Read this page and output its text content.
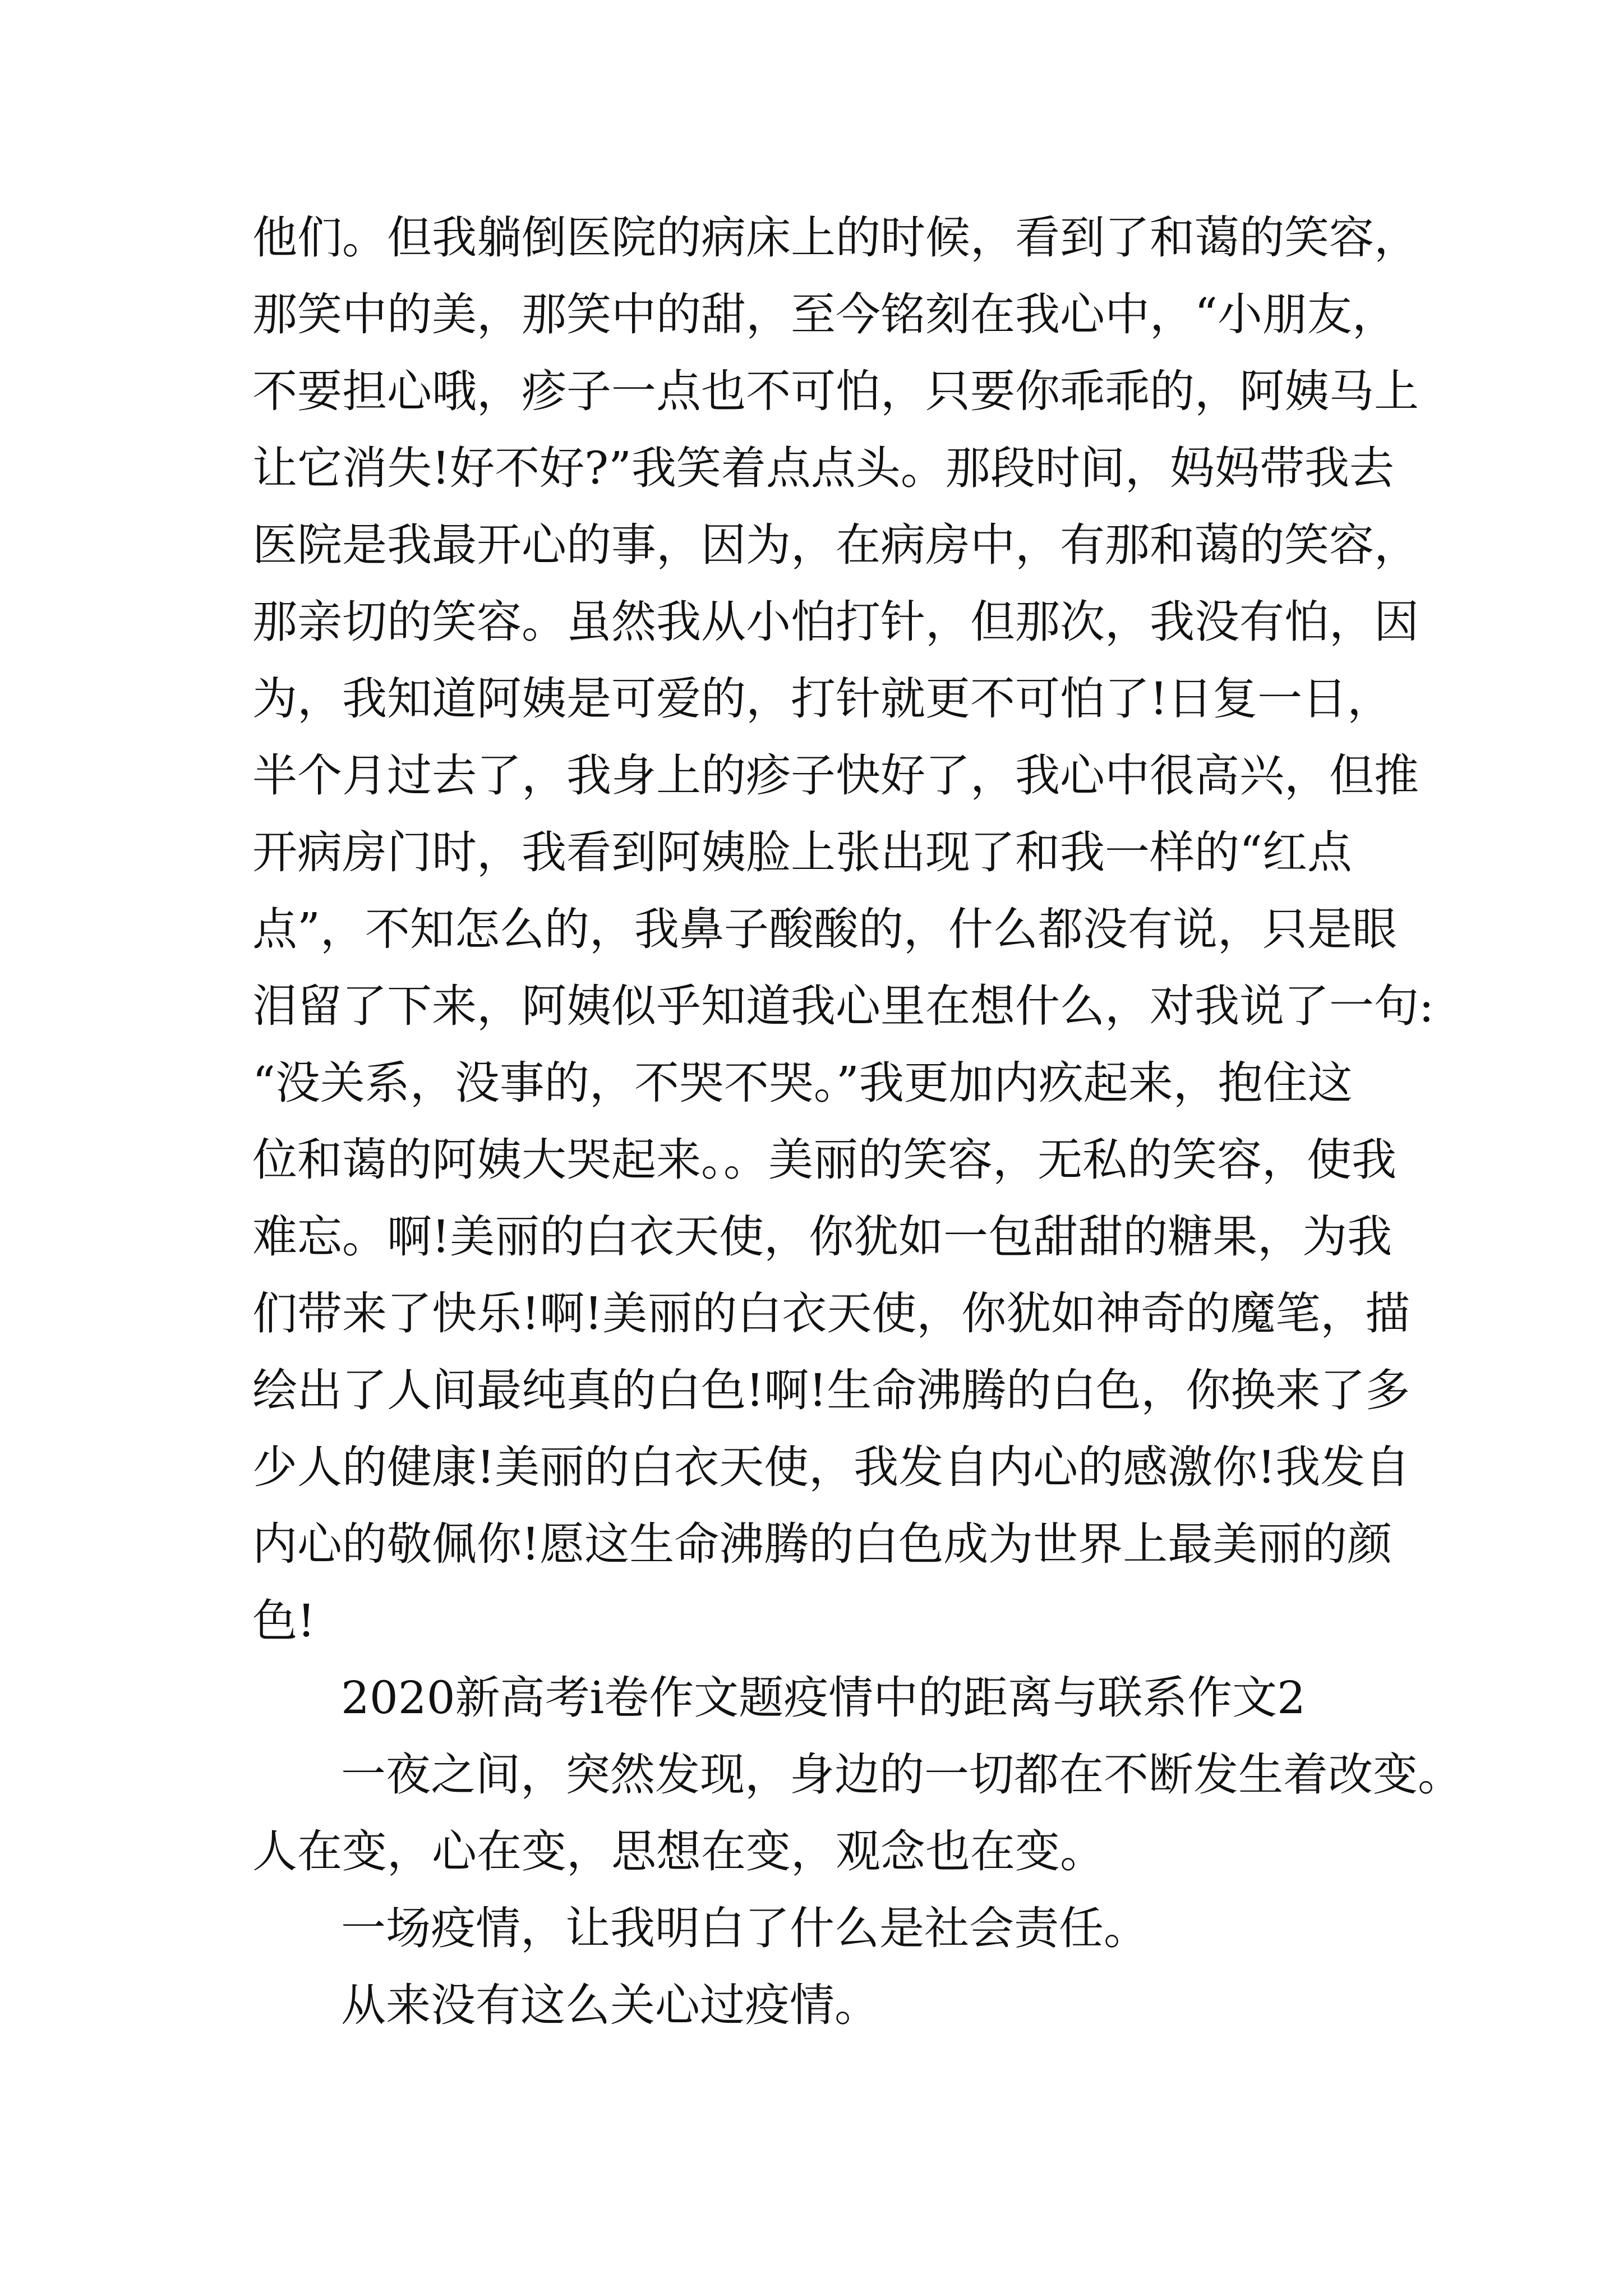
他们。但我躺倒医院的病床上的时候，看到了和蔼的笑容，
那笑中的美，那笑中的甜，至今铭刻在我心中，“小朋友，
不要担心哦，疹子一点也不可怕，只要你乖乖的，阿姨马上
让它消失!好不好?”我笑着点点头。那段时间，妈妈带我去
医院是我最开心的事，因为，在病房中，有那和蔼的笑容，
那亲切的笑容。虽然我从小怕打针，但那次，我没有怕，因
为，我知道阿姨是可爱的，打针就更不可怕了!日复一日，
半个月过去了，我身上的疹子快好了，我心中很高兴，但推
开病房门时，我看到阿姨脸上张出现了和我一样的“红点
点”，不知怎么的，我鼻子酸酸的，什么都没有说，只是眼
泪留了下来，阿姨似乎知道我心里在想什么，对我说了一句:
“没关系，没事的，不哭不哭。”我更加内疚起来，抱住这
位和蔼的阿姨大哭起来。。美丽的笑容，无私的笑容，使我
难忘。啊!美丽的白衣天使，你犹如一包甜甜的糖果，为我
们带来了快乐!啊!美丽的白衣天使，你犹如神奇的魔笔，描
绘出了人间最纯真的白色!啊!生命沸腾的白色，你换来了多
少人的健康!美丽的白衣天使，我发自内心的感激你!我发自
内心的敬佩你!愿这生命沸腾的白色成为世界上最美丽的颜
色!
2020新高考i卷作文题疫情中的距离与联系作文2
一夜之间，突然发现，身边的一切都在不断发生着改变。
人在变，心在变，思想在变，观念也在变。
一场疫情，让我明白了什么是社会责任。
从来没有这么关心过疫情。
